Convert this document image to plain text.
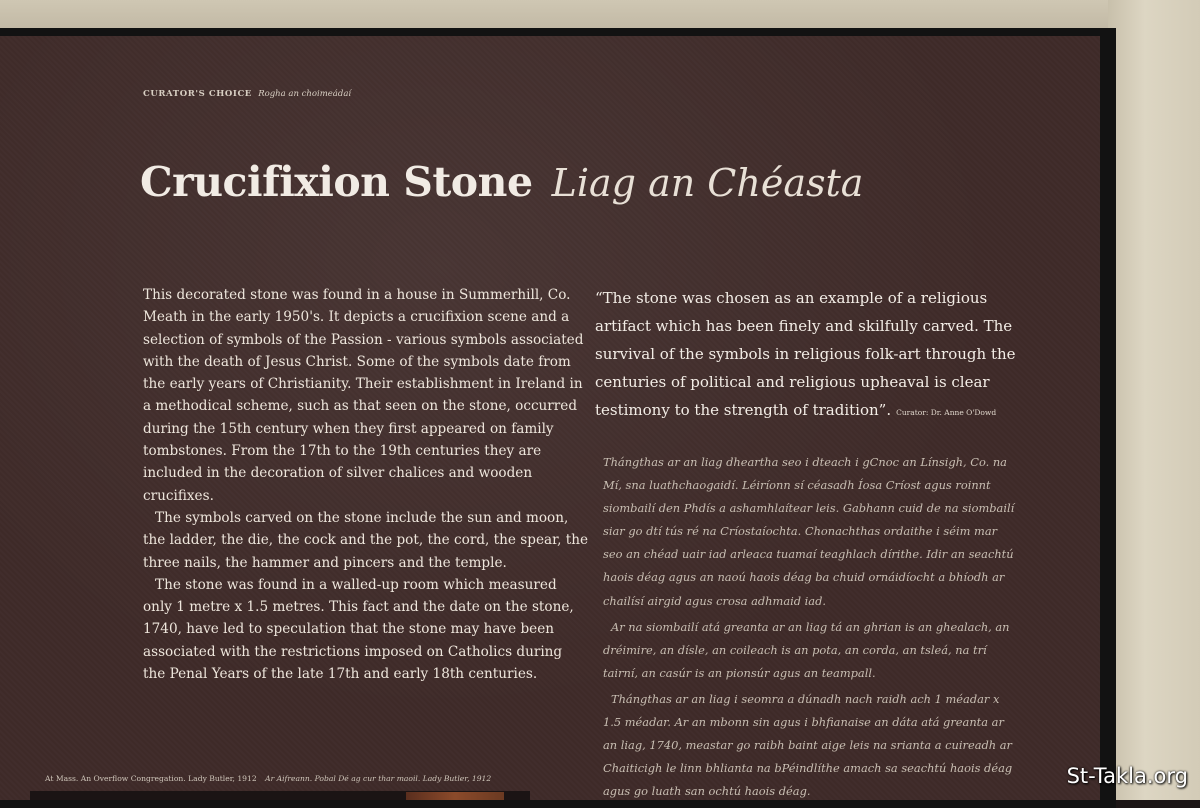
CURATOR'S CHOICE Rogha an choimeádaí
Crucifixion Stone Liag an Chéasta

This decorated stone was found in a house in Summerhill, Co. Meath in the early 1950's. It depicts a crucifixion scene and a selection of symbols of the Passion - various symbols associated with the death of Jesus Christ. Some of the symbols date from the early years of Christianity. Their establishment in Ireland in a methodical scheme, such as that seen on the stone, occurred during the 15th century when they first appeared on family tombstones. From the 17th to the 19th centuries they are included in the decoration of silver chalices and wooden crucifixes.

The symbols carved on the stone include the sun and moon, the ladder, the die, the cock and the pot, the cord, the spear, the three nails, the hammer and pincers and the temple.

The stone was found in a walled-up room which measured only 1 metre x 1.5 metres. This fact and the date on the stone, 1740, have led to speculation that the stone may have been associated with the restrictions imposed on Catholics during the Penal Years of the late 17th and early 18th centuries.

“The stone was chosen as an example of a religious artifact which has been finely and skilfully carved. The survival of the symbols in religious folk-art through the centuries of political and religious upheaval is clear testimony to the strength of tradition”. Curator: Dr. Anne O'Dowd

Thángthas ar an liag dheartha seo i dteach i gCnoc an Línsigh, Co. na Mí, sna luathchaogaidí. Léiríonn sí céasadh Íosa Críost agus roinnt siombailí den Phdís a ashamhlaítear leis. Gabhann cuid de na siombailí siar go dtí tús ré na Críostaíochta. Chonachthas ordaithe i séim mar seo an chéad uair iad arleaca tuamaí teaghlach dírithe. Idir an seachtú haois déag agus an naoú haois déag ba chuid ornáidíocht a bhíodh ar chailísí airgid agus crosa adhmaid iad.

Ar na siombailí atá greanta ar an liag tá an ghrian is an ghealach, an dréimire, an dísle, an coileach is an pota, an corda, an tsleá, na trí tairní, an casúr is an pionsúr agus an teampall.

Thángthas ar an liag i seomra a dúnadh nach raidh ach 1 méadar x 1.5 méadar. Ar an mbonn sin agus i bhfianaise an dáta atá greanta ar an liag, 1740, meastar go raibh baint aige leis na srianta a cuireadh ar Chaiticigh le linn bhlianta na bPéindlíthe amach sa seachtú haois déag agus go luath san ochtú haois déag.

At Mass. An Overflow Congregation. Lady Butler, 1912 Ar Aifreann. Pobal Dé ag cur thar maoil. Lady Butler, 1912	St-Takla.org
